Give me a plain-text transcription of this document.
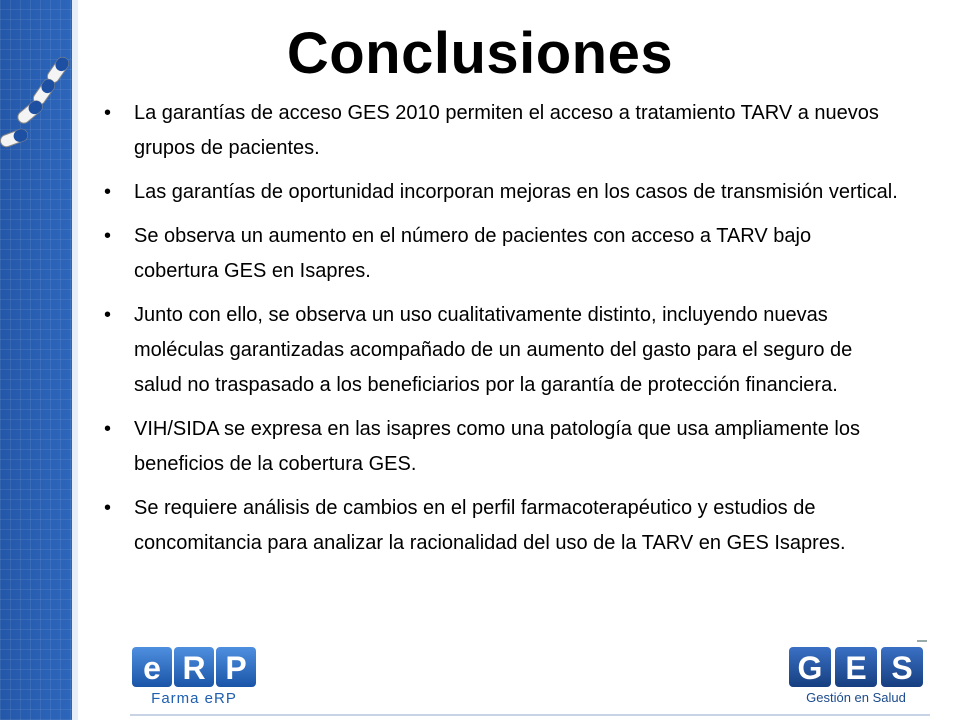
Conclusiones
• La garantías de acceso GES 2010 permiten el acceso a tratamiento TARV a nuevos grupos de pacientes.
• Las garantías de oportunidad incorporan mejoras en los casos de transmisión vertical.
• Se observa un aumento en el número de pacientes con acceso a TARV bajo cobertura GES en Isapres.
• Junto con ello, se observa un uso cualitativamente distinto, incluyendo nuevas moléculas garantizadas acompañado de un aumento del gasto para el seguro de salud no traspasado a los beneficiarios por la garantía de protección financiera.
• VIH/SIDA se expresa en las isapres como una patología que usa ampliamente los beneficios de la cobertura GES.
• Se requiere análisis de cambios en el perfil farmacoterapéutico y estudios de concomitancia para analizar la racionalidad del uso de la TARV en GES Isapres.
e R P
Farma eRP
G E S
Gestión en Salud
